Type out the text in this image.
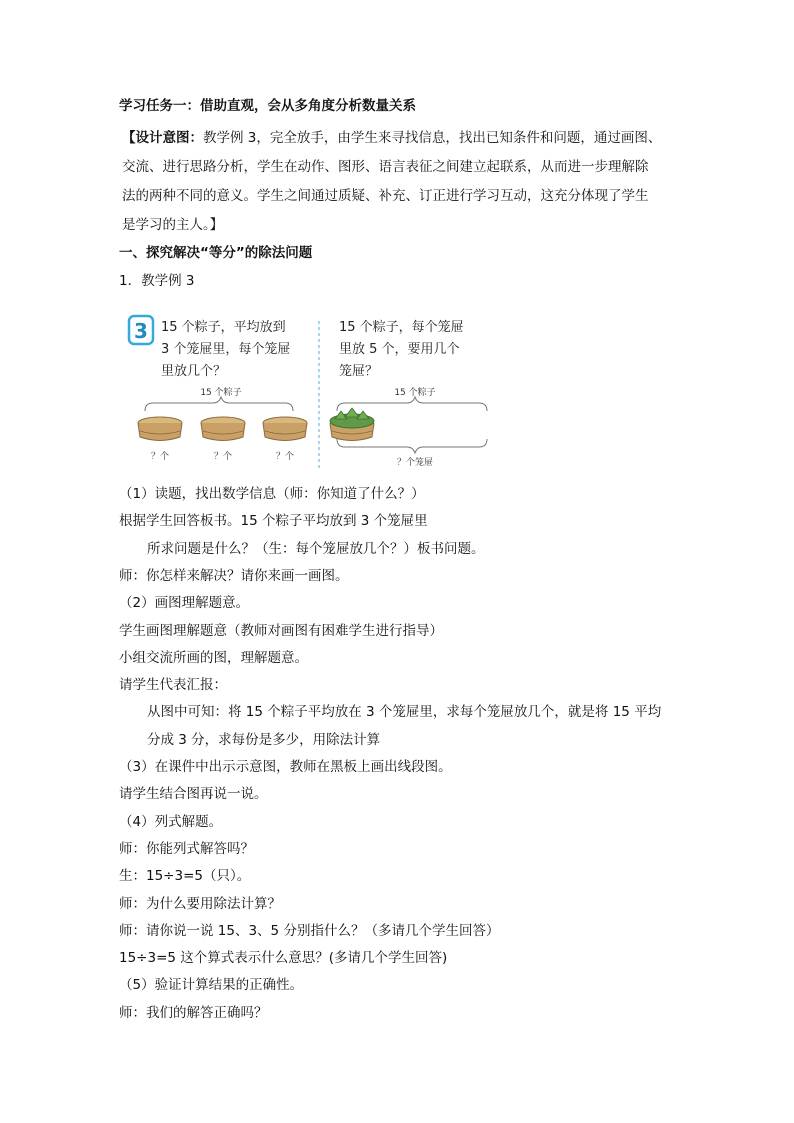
学习任务一：借助直观，会从多角度分析数量关系
【设计意图：教学例 3，完全放手，由学生来寻找信息，找出已知条件和问题，通过画图、
交流、进行思路分析，学生在动作、图形、语言表征之间建立起联系，从而进一步理解除
法的两种不同的意义。学生之间通过质疑、补充、订正进行学习互动，这充分体现了学生
是学习的主人。】
一、探究解决“等分”的除法问题
1．教学例 3
3 15 个粽子，平均放到
3 个笼屉里，每个笼屉
里放几个？
15 个粽子，每个笼屉
里放 5 个，要用几个
笼屉？
15 个粽子
？个	？个	？个
15 个粽子
？个笼屉
（1）读题，找出数学信息（师：你知道了什么？）
根据学生回答板书。15 个粽子平均放到 3 个笼屉里
所求问题是什么？（生：每个笼屉放几个？）板书问题。
师：你怎样来解决？请你来画一画图。
（2）画图理解题意。
学生画图理解题意（教师对画图有困难学生进行指导）
小组交流所画的图，理解题意。
请学生代表汇报：
从图中可知：将 15 个粽子平均放在 3 个笼屉里，求每个笼屉放几个，就是将 15 平均
分成 3 分，求每份是多少，用除法计算
（3）在课件中出示示意图，教师在黑板上画出线段图。
请学生结合图再说一说。
（4）列式解题。
师：你能列式解答吗？
生：15÷3=5（只）。
师：为什么要用除法计算？
师：请你说一说 15、3、5 分别指什么？（多请几个学生回答）
15÷3=5 这个算式表示什么意思？(多请几个学生回答)
（5）验证计算结果的正确性。
师：我们的解答正确吗？
